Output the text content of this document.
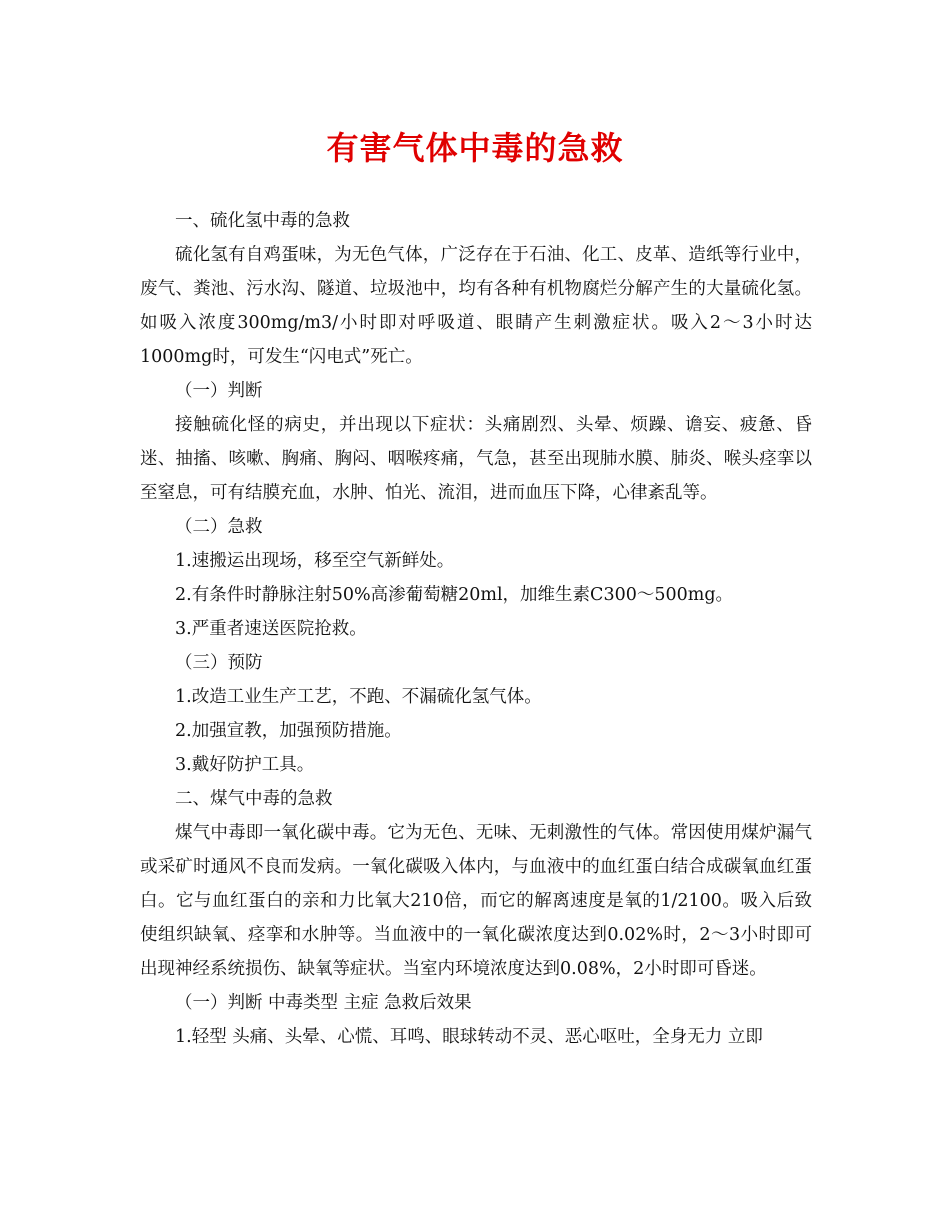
有害气体中毒的急救

一、硫化氢中毒的急救

硫化氢有自鸡蛋味，为无色气体，广泛存在于石油、化工、皮革、造纸等行业中，废气、粪池、污水沟、隧道、垃圾池中，均有各种有机物腐烂分解产生的大量硫化氢。如吸入浓度300mg/m3/小时即对呼吸道、眼睛产生刺激症状。吸入2～3小时达1000mg时，可发生“闪电式”死亡。

（一）判断

接触硫化怪的病史，并出现以下症状：头痛剧烈、头晕、烦躁、谵妄、疲惫、昏迷、抽搐、咳嗽、胸痛、胸闷、咽喉疼痛，气急，甚至出现肺水膜、肺炎、喉头痉挛以至窒息，可有结膜充血，水肿、怕光、流泪，进而血压下降，心律紊乱等。

（二）急救

1.速搬运出现场，移至空气新鲜处。

2.有条件时静脉注射50%高渗葡萄糖20ml，加维生素C300～500mg。

3.严重者速送医院抢救。

（三）预防

1.改造工业生产工艺，不跑、不漏硫化氢气体。

2.加强宣教，加强预防措施。

3.戴好防护工具。

二、煤气中毒的急救

煤气中毒即一氧化碳中毒。它为无色、无味、无刺激性的气体。常因使用煤炉漏气或采矿时通风不良而发病。一氧化碳吸入体内，与血液中的血红蛋白结合成碳氧血红蛋白。它与血红蛋白的亲和力比氧大210倍，而它的解离速度是氧的1/2100。吸入后致使组织缺氧、痉挛和水肿等。当血液中的一氧化碳浓度达到0.02%时，2～3小时即可出现神经系统损伤、缺氧等症状。当室内环境浓度达到0.08%，2小时即可昏迷。

（一）判断 中毒类型 主症 急救后效果

1.轻型 头痛、头晕、心慌、耳鸣、眼球转动不灵、恶心呕吐，全身无力 立即
